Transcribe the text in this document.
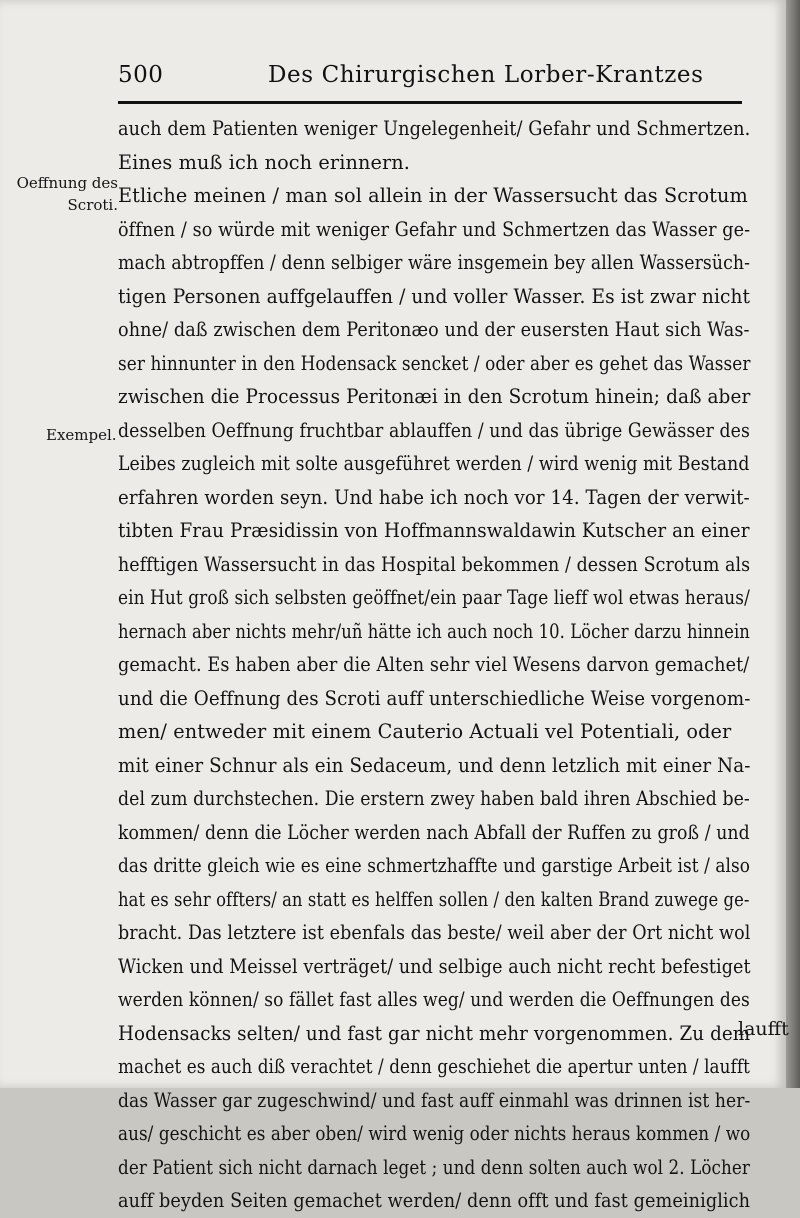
500	Des Chirurgischen Lorber-Krantzes
Oeffnung des Scroti.
Exempel.
auch dem Patienten weniger Ungelegenheit/ Gefahr und Schmertzen.
Eines muß ich noch erinnern.
Etliche meinen / man sol allein in der Wassersucht das Scrotum
öffnen / so würde mit weniger Gefahr und Schmertzen das Wasser ge-
mach abtropffen / denn selbiger wäre insgemein bey allen Wassersüch-
tigen Personen auffgelauffen / und voller Wasser. Es ist zwar nicht
ohne/ daß zwischen dem Peritonæo und der eusersten Haut sich Was-
ser hinnunter in den Hodensack sencket / oder aber es gehet das Wasser
zwischen die Processus Peritonæi in den Scrotum hinein; daß aber
desselben Oeffnung fruchtbar ablauffen / und das übrige Gewässer des
Leibes zugleich mit solte ausgeführet werden / wird wenig mit Bestand
erfahren worden seyn. Und habe ich noch vor 14. Tagen der verwit-
tibten Frau Præsidissin von Hoffmannswaldawin Kutscher an einer
hefftigen Wassersucht in das Hospital bekommen / dessen Scrotum als
ein Hut groß sich selbsten geöffnet/ein paar Tage lieff wol etwas heraus/
hernach aber nichts mehr/uñ hätte ich auch noch 10. Löcher darzu hinnein
gemacht. Es haben aber die Alten sehr viel Wesens darvon gemachet/
und die Oeffnung des Scroti auff unterschiedliche Weise vorgenom-
men/ entweder mit einem Cauterio Actuali vel Potentiali, oder
mit einer Schnur als ein Sedaceum, und denn letzlich mit einer Na-
del zum durchstechen. Die erstern zwey haben bald ihren Abschied be-
kommen/ denn die Löcher werden nach Abfall der Ruffen zu groß / und
das dritte gleich wie es eine schmertzhaffte und garstige Arbeit ist / also
hat es sehr offters/ an statt es helffen sollen / den kalten Brand zuwege ge-
bracht. Das letztere ist ebenfals das beste/ weil aber der Ort nicht wol
Wicken und Meissel verträget/ und selbige auch nicht recht befestiget
werden können/ so fället fast alles weg/ und werden die Oeffnungen des
Hodensacks selten/ und fast gar nicht mehr vorgenommen. Zu dem
machet es auch diß verachtet / denn geschiehet die apertur unten / laufft
das Wasser gar zugeschwind/ und fast auff einmahl was drinnen ist her-
aus/ geschicht es aber oben/ wird wenig oder nichts heraus kommen / wo
der Patient sich nicht darnach leget ; und denn solten auch wol 2. Löcher
auff beyden Seiten gemachet werden/ denn offt und fast gemeiniglich
laufft
